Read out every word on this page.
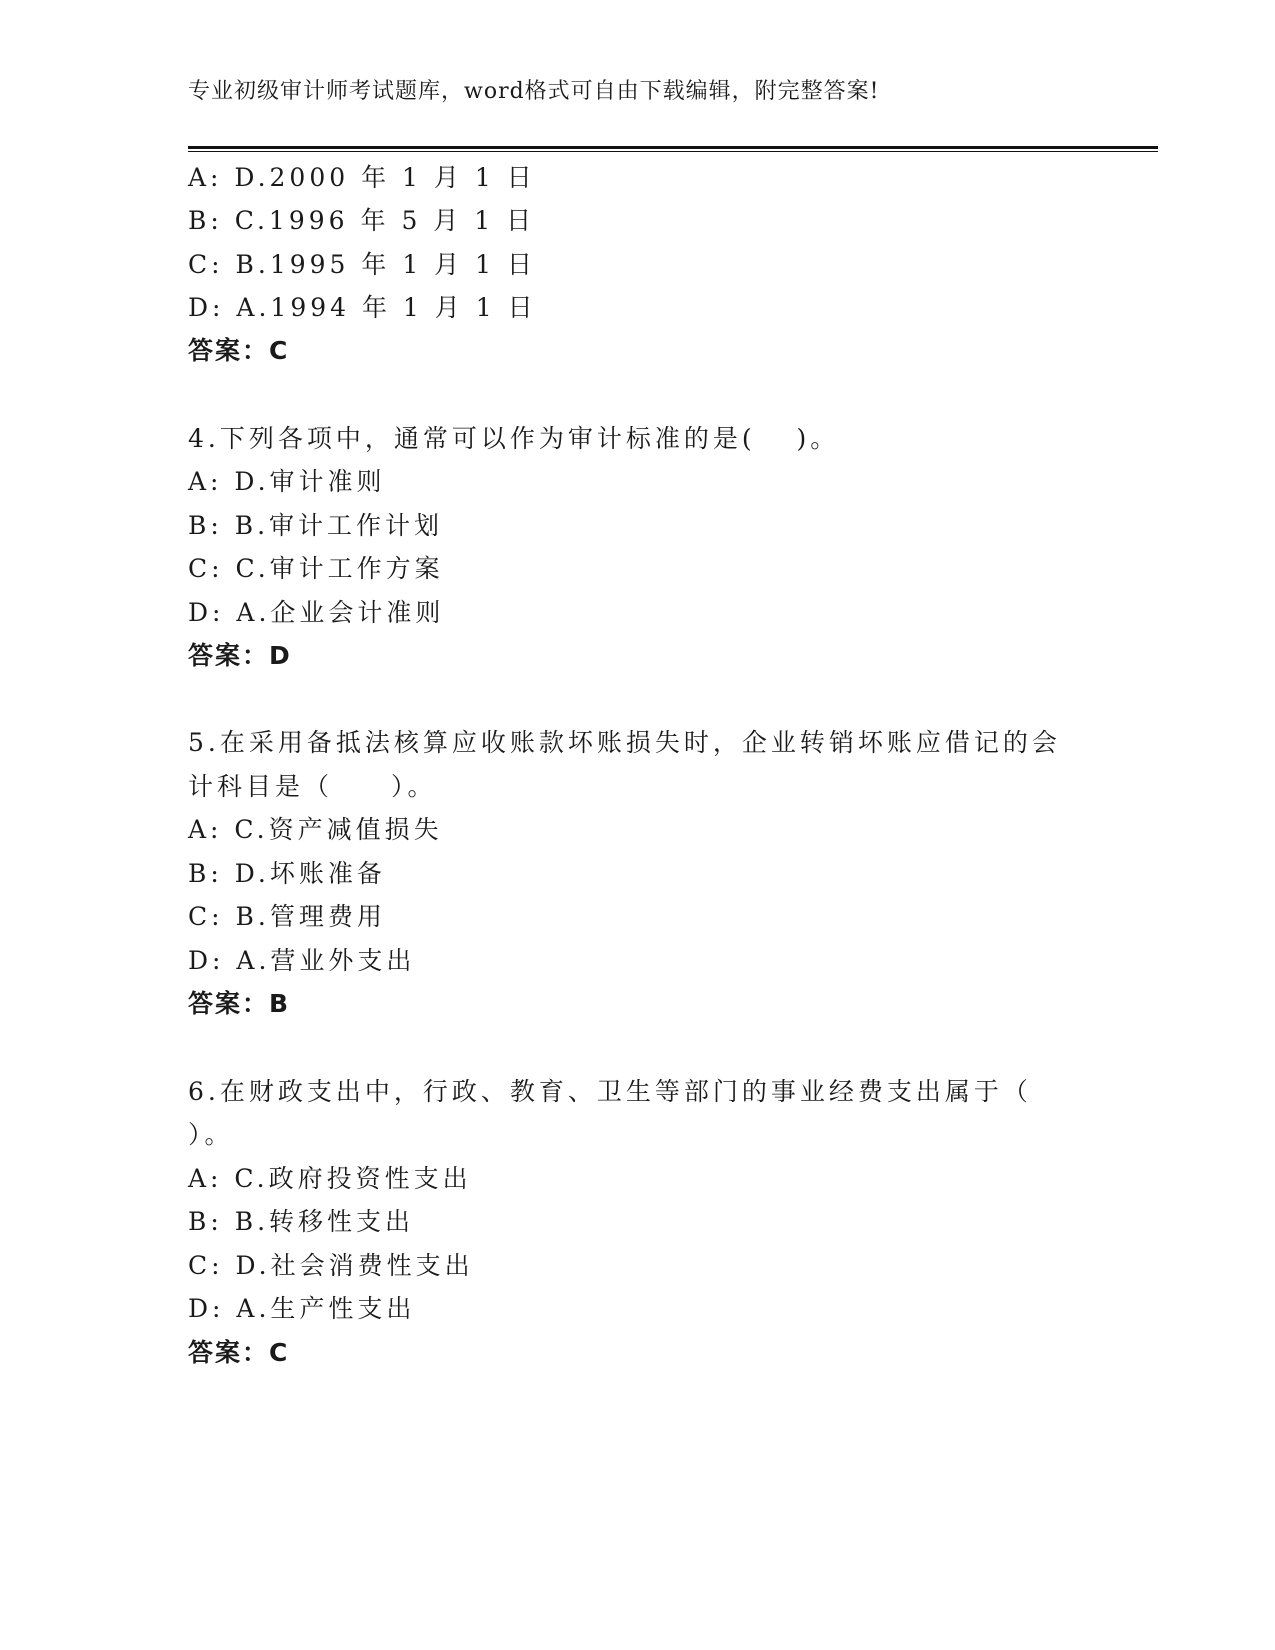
专业初级审计师考试题库，word格式可自由下载编辑，附完整答案!
A: D.2000 年 1 月 1 日
B: C.1996 年 5 月 1 日
C: B.1995 年 1 月 1 日
D: A.1994 年 1 月 1 日
答案：C
4.下列各项中，通常可以作为审计标准的是(　 )。
A: D.审计准则
B: B.审计工作计划
C: C.审计工作方案
D: A.企业会计准则
答案：D
5.在采用备抵法核算应收账款坏账损失时，企业转销坏账应借记的会
计科目是（　　）。
A: C.资产减值损失
B: D.坏账准备
C: B.管理费用
D: A.营业外支出
答案：B
6.在财政支出中，行政、教育、卫生等部门的事业经费支出属于（
）。
A: C.政府投资性支出
B: B.转移性支出
C: D.社会消费性支出
D: A.生产性支出
答案：C
